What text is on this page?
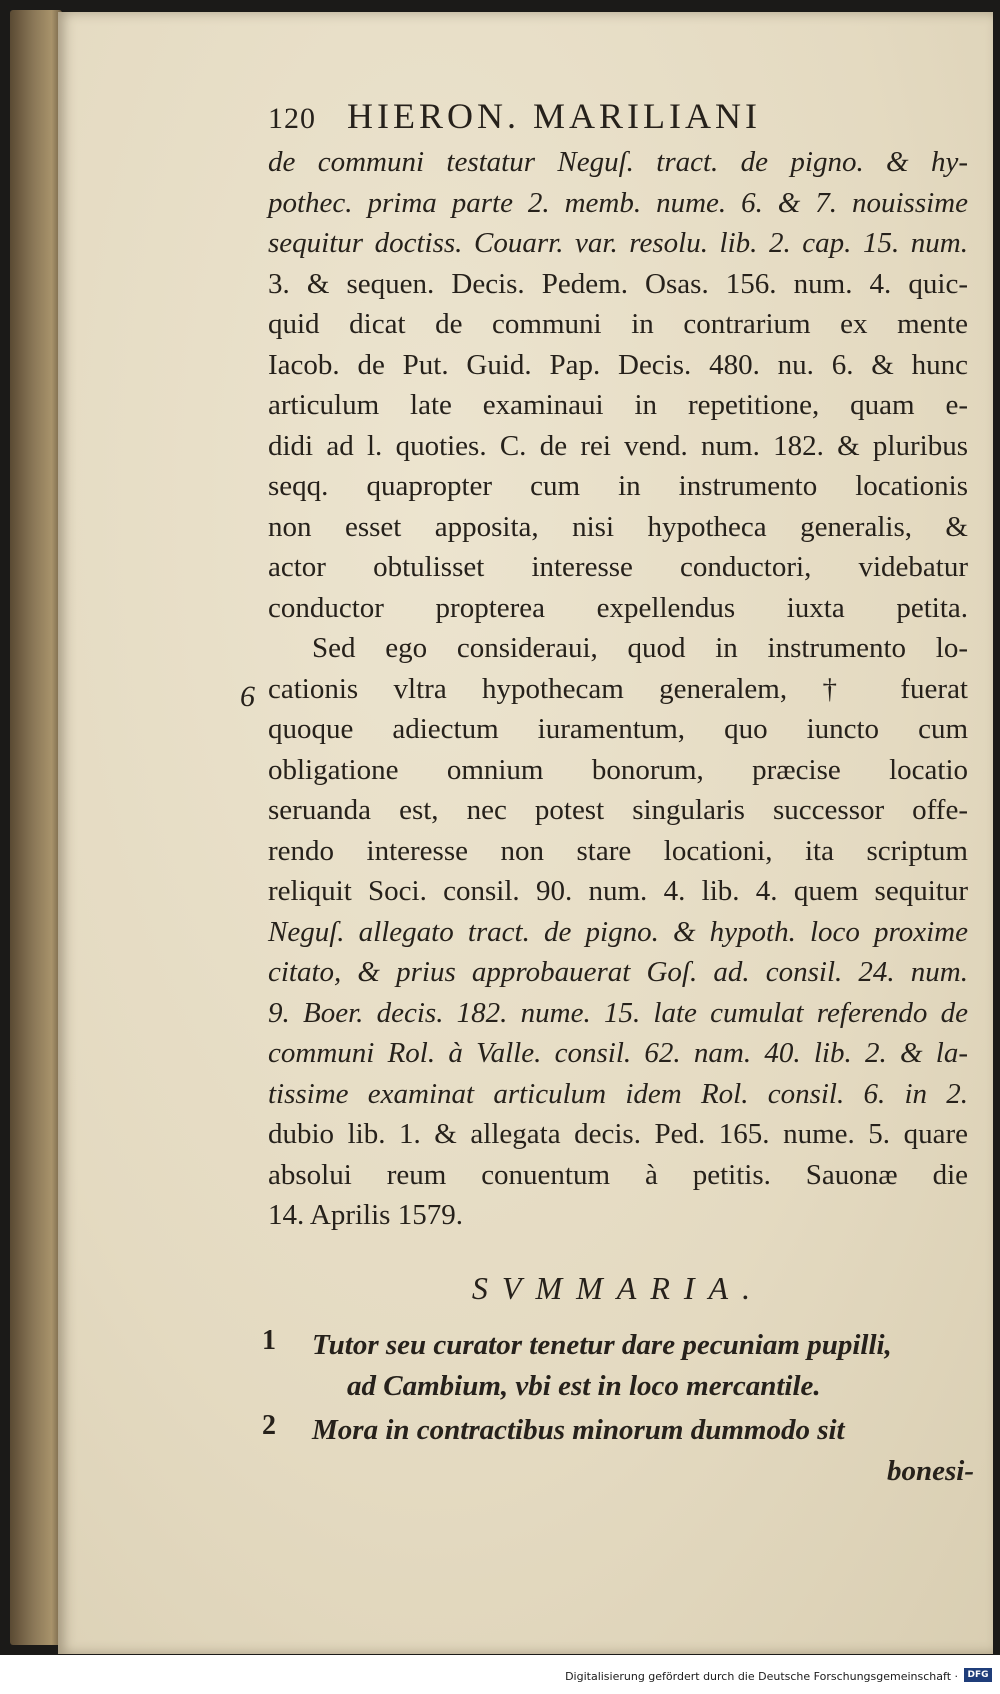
120 HIERON. MARILIANI
de communi testatur Neguſ. tract. de pigno. & hy-
pothec. prima parte 2. memb. nume. 6. & 7. nouissime
sequitur doctiss. Couarr. var. resolu. lib. 2. cap. 15. num.
3. & sequen. Decis. Pedem. Osas. 156. num. 4. quic-
quid dicat de communi in contrarium ex mente
Iacob. de Put. Guid. Pap. Decis. 480. nu. 6. & hunc
articulum late examinaui in repetitione, quam e-
didi ad l. quoties. C. de rei vend. num. 182. & pluribus
seqq. quapropter cum in instrumento locationis
non esset apposita, nisi hypotheca generalis, &
actor obtulisset interesse conductori, videbatur
conductor propterea expellendus iuxta petita.
Sed ego consideraui, quod in instrumento lo-
cationis vltra hypothecam generalem, † fuerat
quoque adiectum iuramentum, quo iuncto cum
obligatione omnium bonorum, præcise locatio
seruanda est, nec potest singularis successor offe-
rendo interesse non stare locationi, ita scriptum
reliquit Soci. consil. 90. num. 4. lib. 4. quem sequitur
Neguſ. allegato tract. de pigno. & hypoth. loco proxime
citato, & prius approbauerat Goſ. ad. consil. 24. num.
9. Boer. decis. 182. nume. 15. late cumulat referendo de
communi Rol. à Valle. consil. 62. nam. 40. lib. 2. & la-
tissime examinat articulum idem Rol. consil. 6. in 2.
dubio lib. 1. & allegata decis. Ped. 165. nume. 5. quare
absolui reum conuentum à petitis. Sauonæ die
14. Aprilis 1579.
6
SVMMARIA.
1 Tutor seu curator tenetur dare pecuniam pupilli,
ad Cambium, vbi est in loco mercantile.
2 Mora in contractibus minorum dummodo sit
bonesi-
Digitalisierung gefördert durch die Deutsche Forschungsgemeinschaft ·	DFG
